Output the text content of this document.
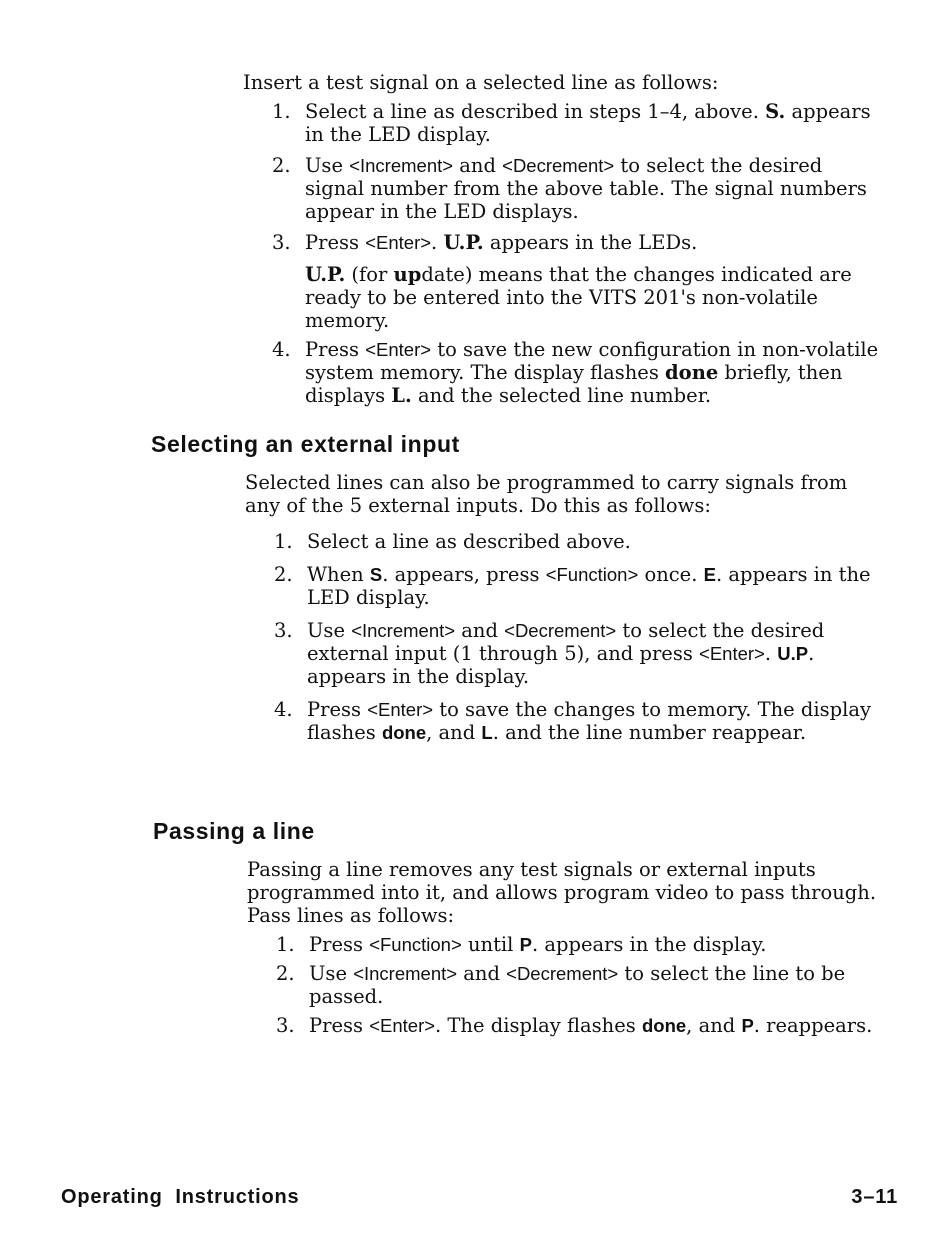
Insert a test signal on a selected line as follows:

1. Select a line as described in steps 1–4, above. S. appears in the LED display.
2. Use <Increment> and <Decrement> to select the desired signal number from the above table. The signal numbers appear in the LED displays.
3. Press <Enter>. U.P. appears in the LEDs.
U.P. (for update) means that the changes indicated are ready to be entered into the VITS 201's non-volatile memory.
4. Press <Enter> to save the new configuration in non-volatile system memory. The display flashes done briefly, then displays L. and the selected line number.
Selecting an external input

Selected lines can also be programmed to carry signals from any of the 5 external inputs. Do this as follows:

1. Select a line as described above.
2. When S. appears, press <Function> once. E. appears in the LED display.
3. Use <Increment> and <Decrement> to select the desired external input (1 through 5), and press <Enter>. U.P. appears in the display.
4. Press <Enter> to save the changes to memory. The display flashes done, and L. and the line number reappear.
Passing a line

Passing a line removes any test signals or external inputs programmed into it, and allows program video to pass through. Pass lines as follows:

1. Press <Function> until P. appears in the display.
2. Use <Increment> and <Decrement> to select the line to be passed.
3. Press <Enter>. The display flashes done, and P. reappears.
Operating  Instructions	3–11
